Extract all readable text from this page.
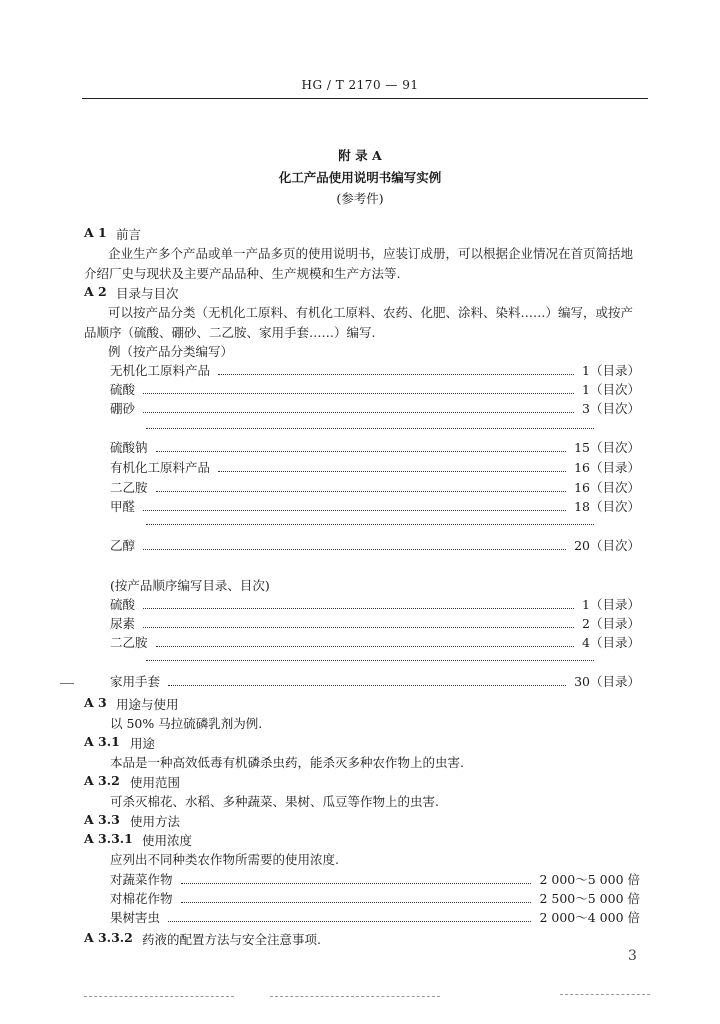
HG / T 2170 — 91
附 录 A
化工产品使用说明书编写实例
(参考件)
A 1 前言
企业生产多个产品或单一产品多页的使用说明书，应装订成册，可以根据企业情况在首页简括地
介绍厂史与现状及主要产品品种、生产规模和生产方法等.
A 2 目录与目次
可以按产品分类（无机化工原料、有机化工原料、农药、化肥、涂料、染料……）编写，或按产
品顺序（硫酸、硼砂、二乙胺、家用手套……）编写.
例（按产品分类编写）
无机化工原料产品	1（目录）
硫酸	1（目次）
硼砂	3（目次）
硫酸钠	15（目次）
有机化工原料产品	16（目录）
二乙胺	16（目次）
甲醛	18（目次）
乙醇	20（目次）
(按产品顺序编写目录、目次)
硫酸	1（目录）
尿素	2（目录）
二乙胺	4（目录）
家用手套	30（目录）
A 3 用途与使用
以 50% 马拉硫磷乳剂为例.
A 3.1 用途
本品是一种高效低毒有机磷杀虫药，能杀灭多种农作物上的虫害.
A 3.2 使用范围
可杀灭棉花、水稻、多种蔬菜、果树、瓜豆等作物上的虫害.
A 3.3 使用方法
A 3.3.1 使用浓度
应列出不同种类农作物所需要的使用浓度.
对蔬菜作物	2 000～5 000 倍
对棉花作物	2 500～5 000 倍
果树害虫	2 000～4 000 倍
A 3.3.2 药液的配置方法与安全注意事项.
3
